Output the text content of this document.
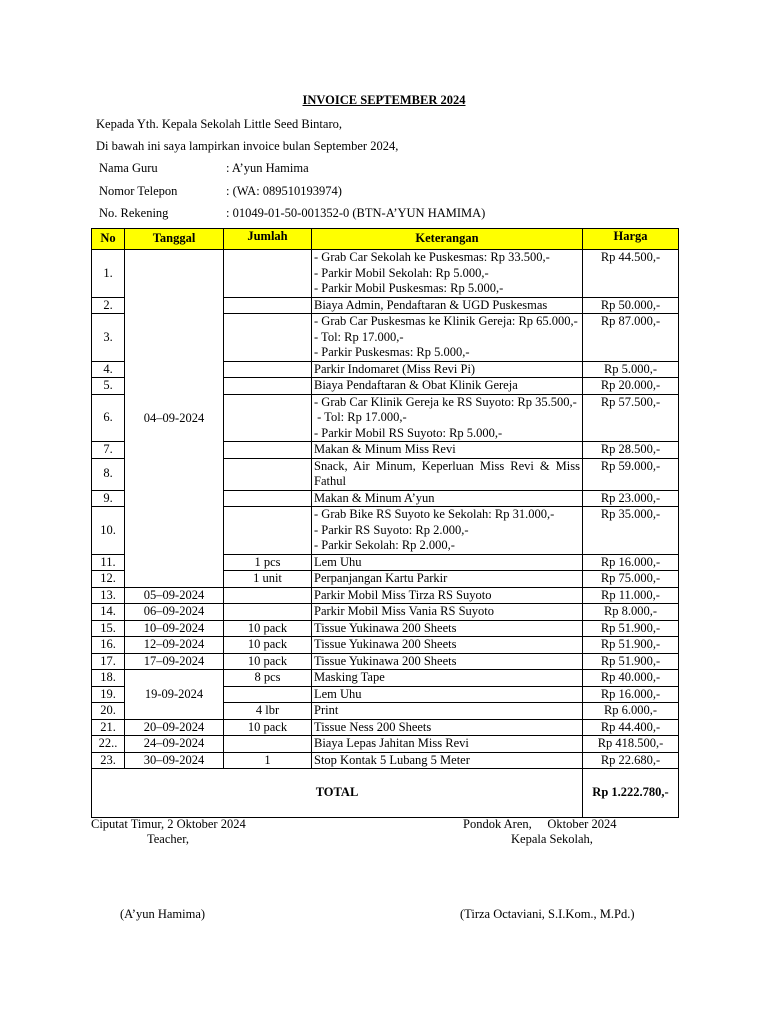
INVOICE SEPTEMBER 2024
Kepada Yth. Kepala Sekolah Little Seed Bintaro,
Di bawah ini saya lampirkan invoice bulan September 2024,
Nama Guru	: A’yun Hamima
Nomor Telepon	: (WA: 089510193974)
No. Rekening	: 01049-01-50-001352-0 (BTN-A’YUN HAMIMA)
No	Tanggal	Jumlah	Keterangan	Harga
1.	04–09-2024		- Grab Car Sekolah ke Puskesmas: Rp 33.500,-
- Parkir Mobil Sekolah: Rp 5.000,-
- Parkir Mobil Puskesmas: Rp 5.000,-	Rp 44.500,-
2.			Biaya Admin, Pendaftaran & UGD Puskesmas	Rp 50.000,-
3.			- Grab Car Puskesmas ke Klinik Gereja: Rp 65.000,-
- Tol: Rp 17.000,-
- Parkir Puskesmas: Rp 5.000,-	Rp 87.000,-
4.			Parkir Indomaret (Miss Revi Pi)	Rp 5.000,-
5.			Biaya Pendaftaran & Obat Klinik Gereja	Rp 20.000,-
6.			- Grab Car Klinik Gereja ke RS Suyoto: Rp 35.500,-
- Tol: Rp 17.000,-
- Parkir Mobil RS Suyoto: Rp 5.000,-	Rp 57.500,-
7.			Makan & Minum Miss Revi	Rp 28.500,-
8.			Snack, Air Minum, Keperluan Miss Revi & Miss Fathul	Rp 59.000,-
9.			Makan & Minum A’yun	Rp 23.000,-
10.			- Grab Bike RS Suyoto ke Sekolah: Rp 31.000,-
- Parkir RS Suyoto: Rp 2.000,-
- Parkir Sekolah: Rp 2.000,-	Rp 35.000,-
11.		1 pcs	Lem Uhu	Rp 16.000,-
12.		1 unit	Perpanjangan Kartu Parkir	Rp 75.000,-
13.	05–09-2024		Parkir Mobil Miss Tirza RS Suyoto	Rp 11.000,-
14.	06–09-2024		Parkir Mobil Miss Vania RS Suyoto	Rp 8.000,-
15.	10–09-2024	10 pack	Tissue Yukinawa 200 Sheets	Rp 51.900,-
16.	12–09-2024	10 pack	Tissue Yukinawa 200 Sheets	Rp 51.900,-
17.	17–09-2024	10 pack	Tissue Yukinawa 200 Sheets	Rp 51.900,-
18.	19-09-2024	8 pcs	Masking Tape	Rp 40.000,-
19.			Lem Uhu	Rp 16.000,-
20.		4 lbr	Print	Rp 6.000,-
21.	20–09-2024	10 pack	Tissue Ness 200 Sheets	Rp 44.400,-
22..	24–09-2024		Biaya Lepas Jahitan Miss Revi	Rp 418.500,-
23.	30–09-2024	1	Stop Kontak 5 Lubang 5 Meter	Rp 22.680,-
TOTAL				Rp 1.222.780,-
Ciputat Timur, 2 Oktober 2024
Teacher,
(A’yun Hamima)
Pondok Aren,     Oktober 2024
Kepala Sekolah,
(Tirza Octaviani, S.I.Kom., M.Pd.)
